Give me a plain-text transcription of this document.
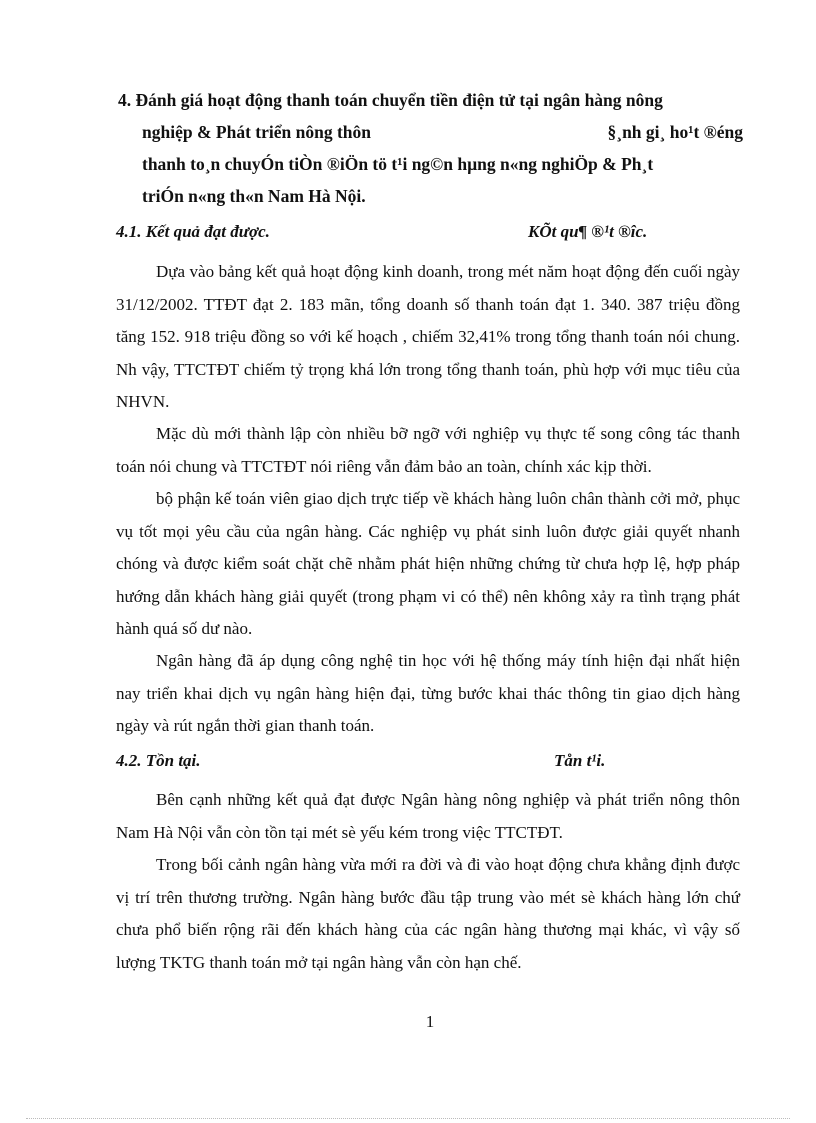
4. Đánh giá hoạt động thanh toán chuyển tiền điện tử tại ngân hàng nông
nghiệp & Phát triển nông thôn	§¸nh gi¸ ho¹t ®éng
thanh to¸n chuyÓn tiÒn ®iÖn tö t¹i ng©n hµng n«ng nghiÖp & Ph¸t
triÓn n«ng th«n Nam Hà Nội.
4.1. Kết quả đạt được.	KÕt qu¶ ®¹t ®îc.

Dựa vào bảng kết quả hoạt động kinh doanh, trong mét năm hoạt động đến cuối ngày 31/12/2002. TTĐT đạt 2. 183 mãn, tổng doanh số thanh toán đạt 1. 340. 387 triệu đồng tăng 152. 918 triệu đồng so với kế hoạch , chiếm 32,41% trong tổng thanh toán nói chung. Nh vậy, TTCTĐT chiếm tỷ trọng khá lớn trong tổng thanh toán, phù hợp với mục tiêu của NHVN.

Mặc dù mới thành lập còn nhiều bỡ ngỡ với nghiệp vụ thực tế song công tác thanh toán nói chung và TTCTĐT nói riêng vẫn đảm bảo an toàn, chính xác kịp thời.

bộ phận kế toán viên giao dịch trực tiếp về khách hàng luôn chân thành cởi mở, phục vụ tốt mọi yêu cầu của ngân hàng. Các nghiệp vụ phát sinh luôn được giải quyết nhanh chóng và được kiểm soát chặt chẽ nhằm phát hiện những chứng từ chưa hợp lệ, hợp pháp hướng dẫn khách hàng giải quyết (trong phạm vi có thể) nên không xảy ra tình trạng phát hành quá số dư nào.

Ngân hàng đã áp dụng công nghệ tin học với hệ thống máy tính hiện đại nhất hiện nay triển khai dịch vụ ngân hàng hiện đại, từng bước khai thác thông tin giao dịch hàng ngày và rút ngắn thời gian thanh toán.

4.2. Tồn tại.	Tån t¹i.

Bên cạnh những kết quả đạt được Ngân hàng nông nghiệp và phát triển nông thôn Nam Hà Nội vẫn còn tồn tại mét sè yếu kém trong việc TTCTĐT.

Trong bối cảnh ngân hàng vừa mới ra đời và đi vào hoạt động chưa khẳng định được vị trí trên thương trường. Ngân hàng bước đầu tập trung vào mét sè khách hàng lớn chứ chưa phổ biến rộng rãi đến khách hàng của các ngân hàng thương mại khác, vì vậy số lượng TKTG thanh toán mở tại ngân hàng vẫn còn hạn chế.

1
